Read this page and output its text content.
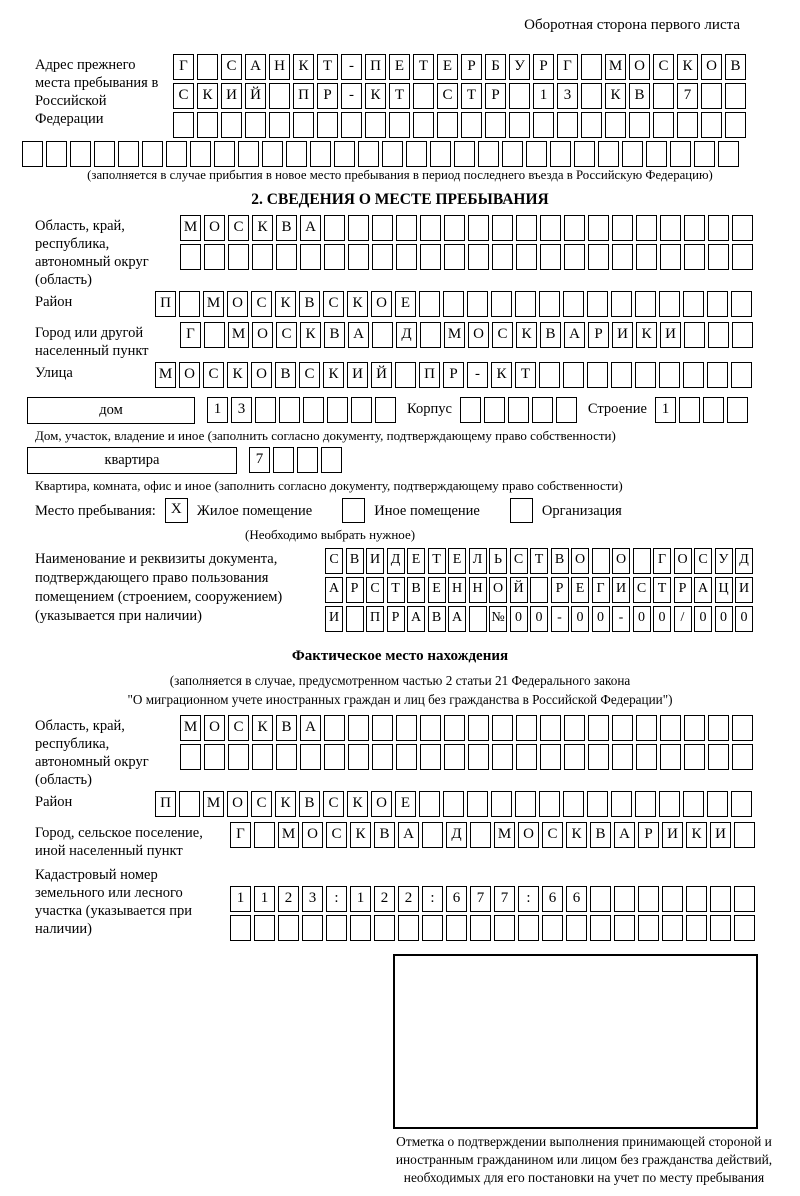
Оборотная сторона первого листа
Адрес прежнего места пребывания в Российской Федерации
Г	С А Н К Т	-	П Е Т Е	Р	Б У Р	Г	М О С К О В
С К И Й	П Р	-	К Т	С Т	Р	1	3	К В	7
(заполняется в случае прибытия в новое место пребывания в период последнего въезда в Российскую Федерацию)
2. СВЕДЕНИЯ О МЕСТЕ ПРЕБЫВАНИЯ
Область, край, республика, автономный округ (область)
М О С К В А
Район	П	М О С К В С К О Е
Город или другой населенный пункт
Г	М О С К В А	Д	М О С К В А Р И К И
Улица	М О С К О В С К И Й	П Р	-	К Т
дом	1	3	Корпус	Строение 1
Дом, участок, владение и иное (заполнить согласно документу, подтверждающему право собственности)
квартира	7
Квартира, комната, офис и иное (заполнить согласно документу, подтверждающему право собственности)
Место пребывания:	X	Жилое помещение	Иное помещение	Организация
(Необходимо выбрать нужное)
Наименование и реквизиты документа, подтверждающего право пользования помещением (строением, сооружением) (указывается при наличии)
С В И Д Е Т Е Л Ь С Т В О О	Г О С У Д
А Р С Т В Е Н Н О Й	Р Е Г И С Т Р А Ц И
И П Р А В А № 0 0	-	0 0	-	0 0	/	0 0 0
Фактическое место нахождения
(заполняется в случае, предусмотренном частью 2 статьи 21 Федерального закона
"О миграционном учете иностранных граждан и лиц без гражданства в Российской Федерации")
Область, край, республика, автономный округ (область)
М О С К В А
Район	П	М О С К В С К О Е
Город, сельское поселение, иной населенный пункт
Г	М О С К В А	Д	М О С К В А Р И К И
Кадастровый номер земельного или лесного участка (указывается при наличии)
1	1	2	3	:	1	2	2	:	6	7	7	:	6	6
Отметка о подтверждении выполнения принимающей стороной и иностранным гражданином или лицом без гражданства действий, необходимых для его постановки на учет по месту пребывания
